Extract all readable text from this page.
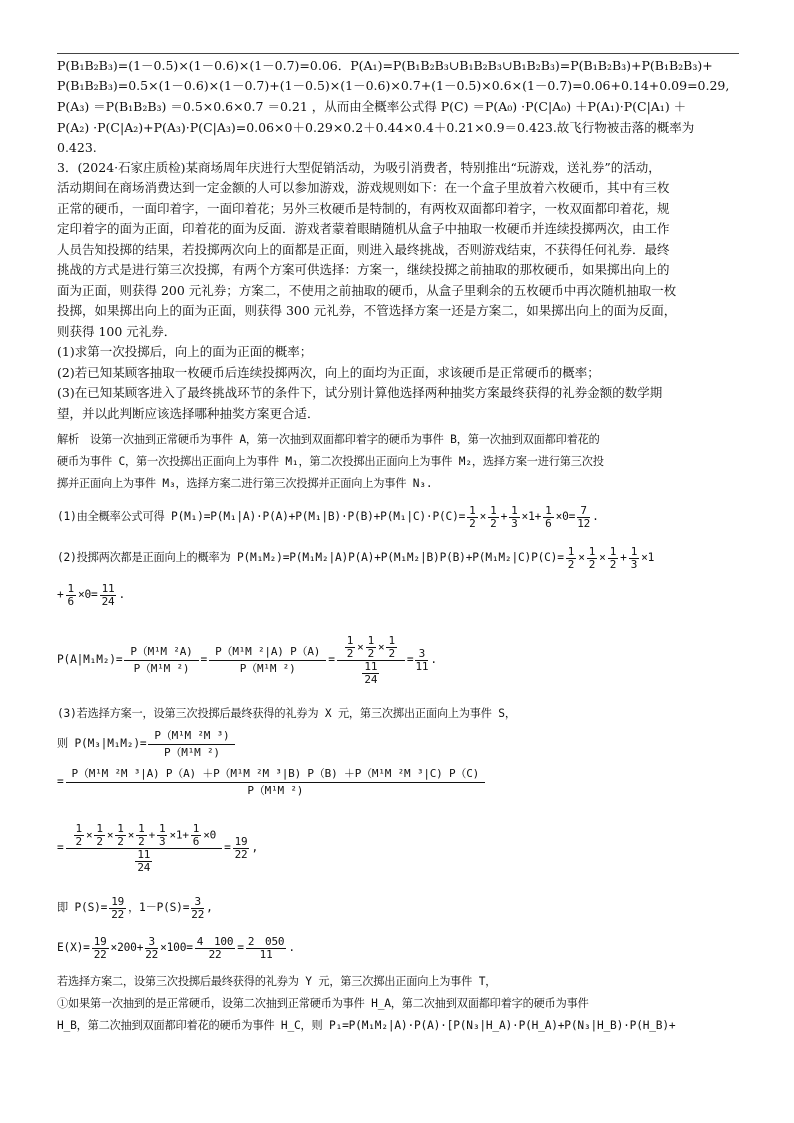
P(B₁B₂B₃)=(1－0.5)×(1－0.6)×(1－0.7)=0.06．P(A₁)=P(B₁B₂B₃∪B₁B₂B₃∪B₁B₂B₃)=P(B₁B₂B₃)+P(B₁B₂B₃)+
P(B₁B₂B₃)=0.5×(1－0.6)×(1－0.7)+(1－0.5)×(1－0.6)×0.7+(1－0.5)×0.6×(1－0.7)=0.06+0.14+0.09=0.29,
P(A₃) ＝P(B₁B₂B₃) ＝0.5×0.6×0.7 ＝0.21 ，从而由全概率公式得 P(C) ＝P(A₀) ·P(C|A₀) ＋P(A₁)·P(C|A₁) ＋
P(A₂) ·P(C|A₂)+P(A₃)·P(C|A₃)=0.06×0＋0.29×0.2＋0.44×0.4＋0.21×0.9＝0.423.故飞行物被击落的概率为
0.423.
3．(2024·石家庄质检)某商场周年庆进行大型促销活动，为吸引消费者，特别推出“玩游戏，送礼券”的活动，
活动期间在商场消费达到一定金额的人可以参加游戏，游戏规则如下：在一个盒子里放着六枚硬币，其中有三枚
正常的硬币，一面印着字，一面印着花；另外三枚硬币是特制的，有两枚双面都印着字，一枚双面都印着花，规
定印着字的面为正面，印着花的面为反面．游戏者蒙着眼睛随机从盒子中抽取一枚硬币并连续投掷两次，由工作
人员告知投掷的结果，若投掷两次向上的面都是正面，则进入最终挑战，否则游戏结束，不获得任何礼券．最终
挑战的方式是进行第三次投掷，有两个方案可供选择：方案一，继续投掷之前抽取的那枚硬币，如果掷出向上的
面为正面，则获得 200 元礼券；方案二，不使用之前抽取的硬币，从盒子里剩余的五枚硬币中再次随机抽取一枚
投掷，如果掷出向上的面为正面，则获得 300 元礼券，不管选择方案一还是方案二，如果掷出向上的面为反面，
则获得 100 元礼券．
(1)求第一次投掷后，向上的面为正面的概率；
(2)若已知某顾客抽取一枚硬币后连续投掷两次，向上的面均为正面，求该硬币是正常硬币的概率；
(3)在已知某顾客进入了最终挑战环节的条件下，试分别计算他选择两种抽奖方案最终获得的礼券金额的数学期
望，并以此判断应该选择哪种抽奖方案更合适．
解析　设第一次抽到正常硬币为事件 A，第一次抽到双面都印着字的硬币为事件 B，第一次抽到双面都印着花的
硬币为事件 C，第一次投掷出正面向上为事件 M₁，第二次投掷出正面向上为事件 M₂，选择方案一进行第三次投
掷并正面向上为事件 M₃，选择方案二进行第三次投掷并正面向上为事件 N₃.
(1)由全概率公式可得 $P(M_1)=P(M_1|A)\cdot P(A)+P(M_1|B)\cdot P(B)+P(M_1|C)\cdot P(C)= \frac{1}{2} \times \frac{1}{2} + \frac{1}{3} \times 1+ \frac{1}{6} \times 0= \frac{7}{12}$ .
(2)投掷两次都是正面向上的概率为 $P(M_1M_2)=P(M_1M_2|A)P(A)+P(M_1M_2|B)P(B)+P(M_1M_2|C)P(C)= \frac{1}{2} \times \frac{1}{2} \times \frac{1}{2} + \frac{1}{3} \times 1$
+ $\frac{1}{6} \times 0= \frac{11}{24}$ .
$P(A|M_1M_2)= \frac{\text{P（M¹M ²A)}}{\text{P（M¹M ²)}} = \frac{\text{P（M¹M ²|A) P（A)}}{\text{P（M¹M ²)}} = \frac{\frac{1}{2} \times \frac{1}{2} \times \frac{1}{2}}{\frac{11}{24}} = \frac{3}{11}$ .
(3)若选择方案一，设第三次投掷后最终获得的礼券为 X 元，第三次掷出正面向上为事件 S，
则 $P(M_3|M_1M_2)= \frac{\text{P（M¹M ²M ³)}}{\text{P（M¹M ²)}}$
= $\frac{\text{P（M¹M ²M ³|A) P（A) ＋P（M¹M ²M ³|B) P（B) ＋P（M¹M ²M ³|C) P（C)}}{\text{P（M¹M ²)}}$
= $\frac{\frac{1}{2} \times \frac{1}{2} \times \frac{1}{2} \times \frac{1}{2} + \frac{1}{3} \times 1+ \frac{1}{6} \times 0}{\frac{11}{24}} = \frac{19}{22}$ ,
即 $P(S)= \frac{19}{22}$ ，$1-P(S)= \frac{3}{22}$ ,
$E(X)= \frac{19}{22} \times 200+ \frac{3}{22} \times 100= \frac{4 100}{22} = \frac{2 050}{11}$ .
若选择方案二，设第三次投掷后最终获得的礼券为 Y 元，第三次掷出正面向上为事件 T，
①如果第一次抽到的是正常硬币，设第二次抽到正常硬币为事件 H_A，第二次抽到双面都印着字的硬币为事件
H_B，第二次抽到双面都印着花的硬币为事件 H_C，则 P₁=P(M₁M₂|A)·P(A)·[P(N₃|H_A)·P(H_A)+P(N₃|H_B)·P(H_B)+
